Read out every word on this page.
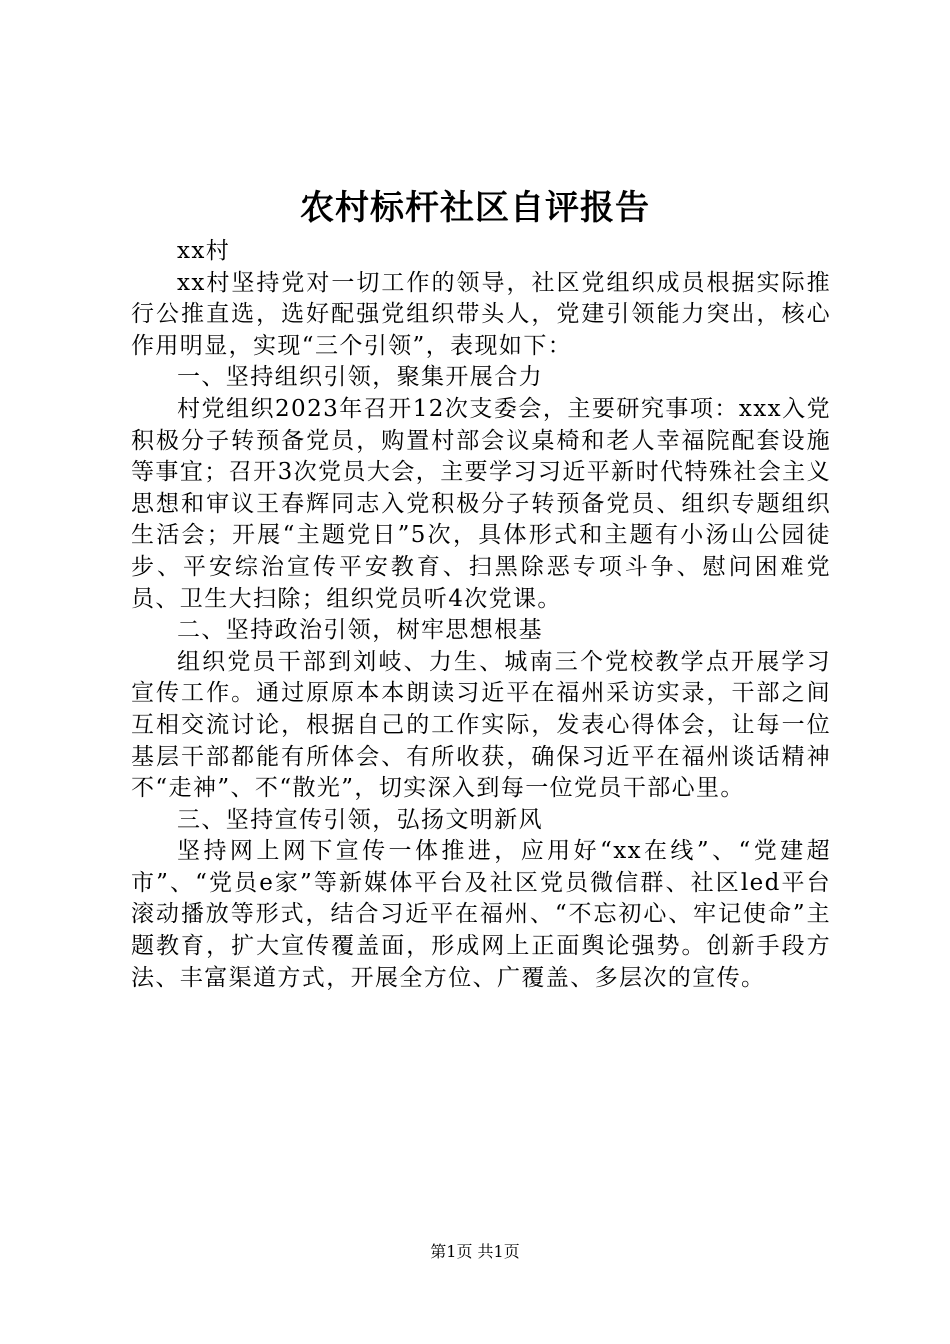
农村标杆社区自评报告

xx村

xx村坚持党对一切工作的领导，社区党组织成员根据实际推行公推直选，选好配强党组织带头人，党建引领能力突出，核心作用明显，实现“三个引领”，表现如下：

一、坚持组织引领，聚集开展合力

村党组织2023年召开12次支委会，主要研究事项：xxx入党积极分子转预备党员，购置村部会议桌椅和老人幸福院配套设施等事宜；召开3次党员大会，主要学习习近平新时代特殊社会主义思想和审议王春辉同志入党积极分子转预备党员、组织专题组织生活会；开展“主题党日”5次，具体形式和主题有小汤山公园徒步、平安综治宣传平安教育、扫黑除恶专项斗争、慰问困难党员、卫生大扫除；组织党员听4次党课。

二、坚持政治引领，树牢思想根基

组织党员干部到刘岐、力生、城南三个党校教学点开展学习宣传工作。通过原原本本朗读习近平在福州采访实录，干部之间互相交流讨论，根据自己的工作实际，发表心得体会，让每一位基层干部都能有所体会、有所收获，确保习近平在福州谈话精神不“走神”、不“散光”，切实深入到每一位党员干部心里。

三、坚持宣传引领，弘扬文明新风

坚持网上网下宣传一体推进，应用好“xx在线”、“党建超市”、“党员e家”等新媒体平台及社区党员微信群、社区led平台滚动播放等形式，结合习近平在福州、“不忘初心、牢记使命”主题教育，扩大宣传覆盖面，形成网上正面舆论强势。创新手段方法、丰富渠道方式，开展全方位、广覆盖、多层次的宣传。

第1页 共1页
